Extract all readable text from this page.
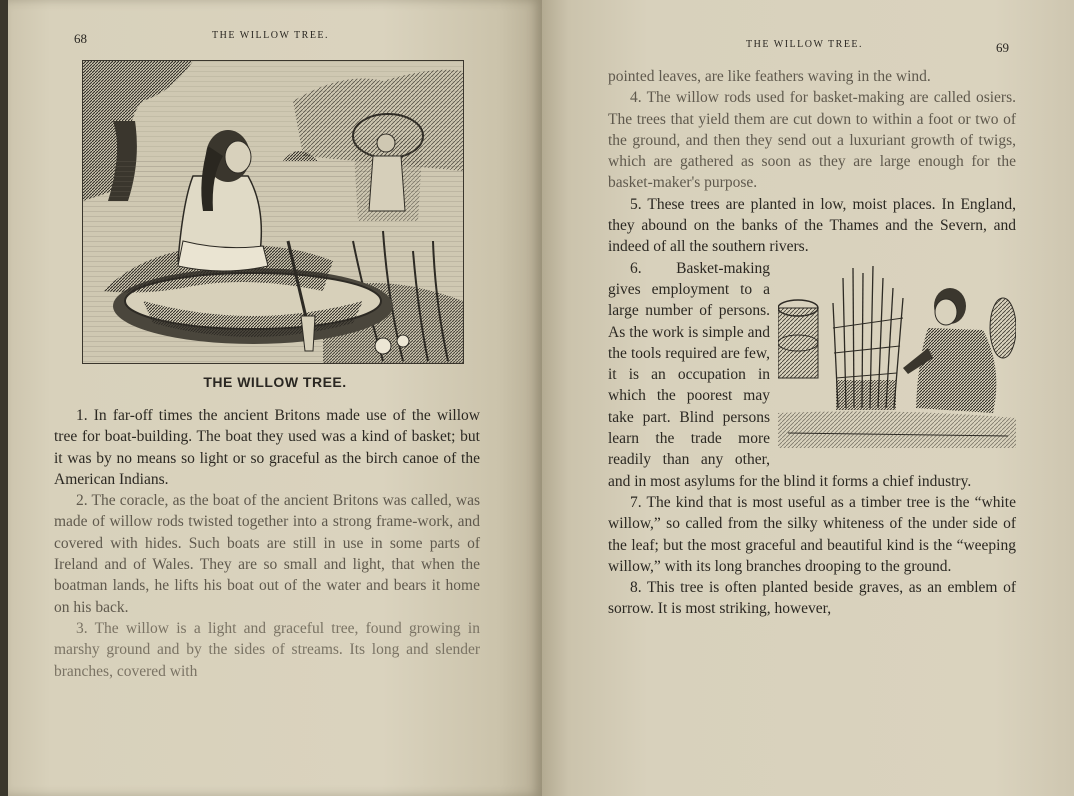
68	THE WILLOW TREE.
THE WILLOW TREE.

1. In far-off times the ancient Britons made use of the willow tree for boat-building. The boat they used was a kind of basket; but it was by no means so light or so graceful as the birch canoe of the American Indians.

2. The coracle, as the boat of the ancient Britons was called, was made of willow rods twisted together into a strong frame-work, and covered with hides. Such boats are still in use in some parts of Ireland and of Wales. They are so small and light, that when the boatman lands, he lifts his boat out of the water and bears it home on his back.

3. The willow is a light and graceful tree, found growing in marshy ground and by the sides of streams. Its long and slender branches, covered with

THE WILLOW TREE.	69

pointed leaves, are like feathers waving in the wind.

4. The willow rods used for basket-making are called osiers. The trees that yield them are cut down to within a foot or two of the ground, and then they send out a luxuriant growth of twigs, which are gathered as soon as they are large enough for the basket-maker's purpose.

5. These trees are planted in low, moist places. In England, they abound on the banks of the Thames and the Severn, and indeed of all the southern rivers.

6. Basket-making gives employment to a large number of persons. As the work is simple and the tools required are few, it is an occupation in which the poorest may take part. Blind persons learn the trade more readily than any other, and in most asylums for the blind it forms a chief industry.

7. The kind that is most useful as a timber tree is the “white willow,” so called from the silky whiteness of the under side of the leaf; but the most graceful and beautiful kind is the “weeping willow,” with its long branches drooping to the ground.

8. This tree is often planted beside graves, as an emblem of sorrow. It is most striking, however,
